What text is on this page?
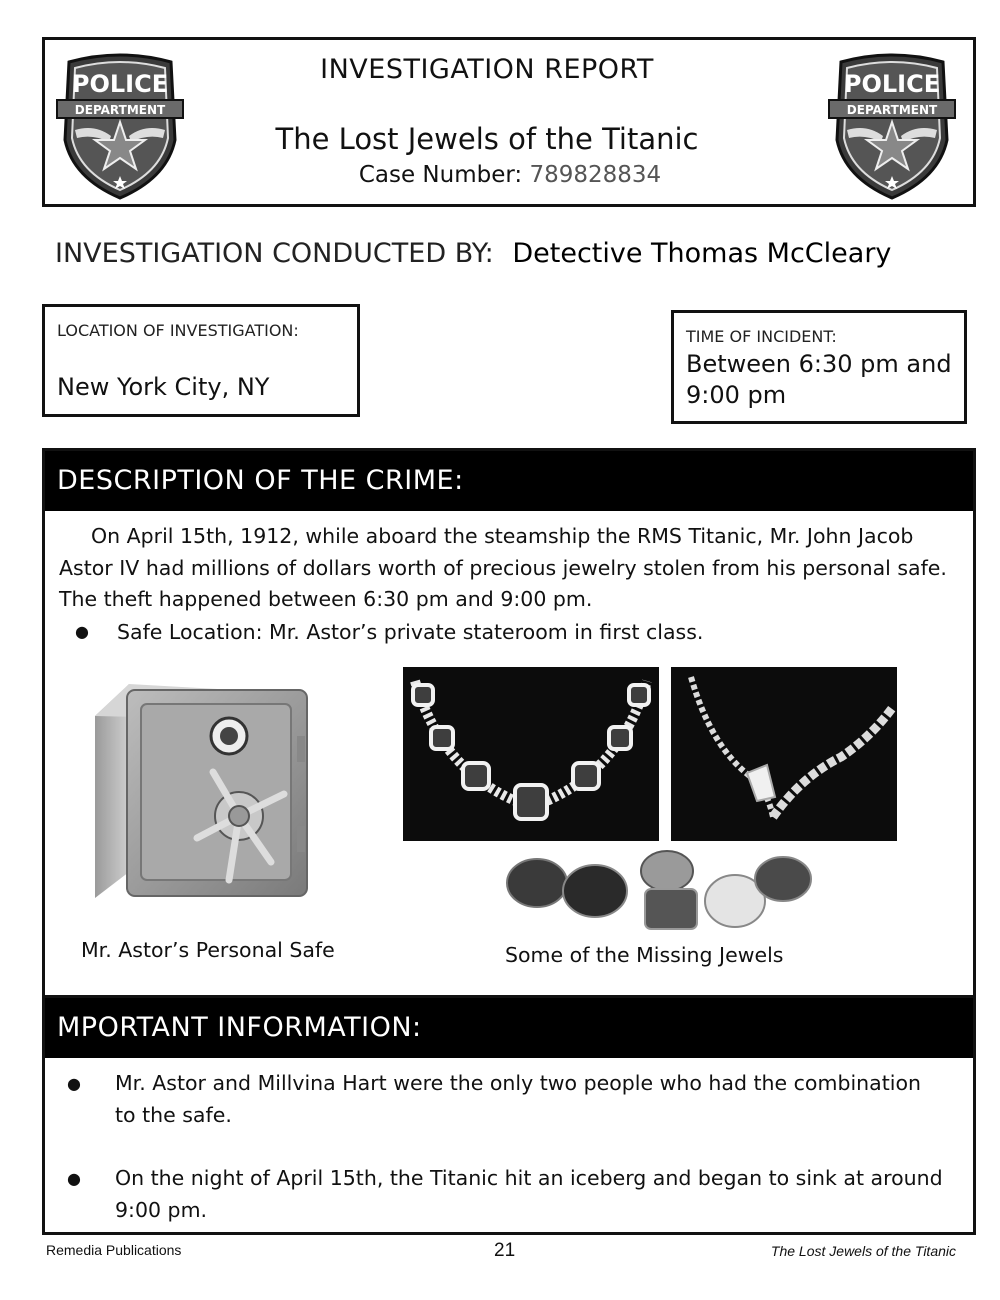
POLICE
DEPARTMENT
INVESTIGATION REPORT
The Lost Jewels of the Titanic
Case Number: 789828834
POLICE
DEPARTMENT
INVESTIGATION CONDUCTED BY: Detective Thomas McCleary
LOCATION OF INVESTIGATION:
New York City, NY
TIME OF INCIDENT:
Between 6:30 pm and 9:00 pm
DESCRIPTION OF THE CRIME:
On April 15th, 1912, while aboard the steamship the RMS Titanic, Mr. John Jacob Astor IV had millions of dollars worth of precious jewelry stolen from his personal safe. The theft happened between 6:30 pm and 9:00 pm.
● Safe Location: Mr. Astor’s private stateroom in first class.
Mr. Astor’s Personal Safe	Some of the Missing Jewels
MPORTANT INFORMATION:
● Mr. Astor and Millvina Hart were the only two people who had the combination to the safe.
● On the night of April 15th, the Titanic hit an iceberg and began to sink at around 9:00 pm.
Remedia Publications	21	The Lost Jewels of the Titanic
